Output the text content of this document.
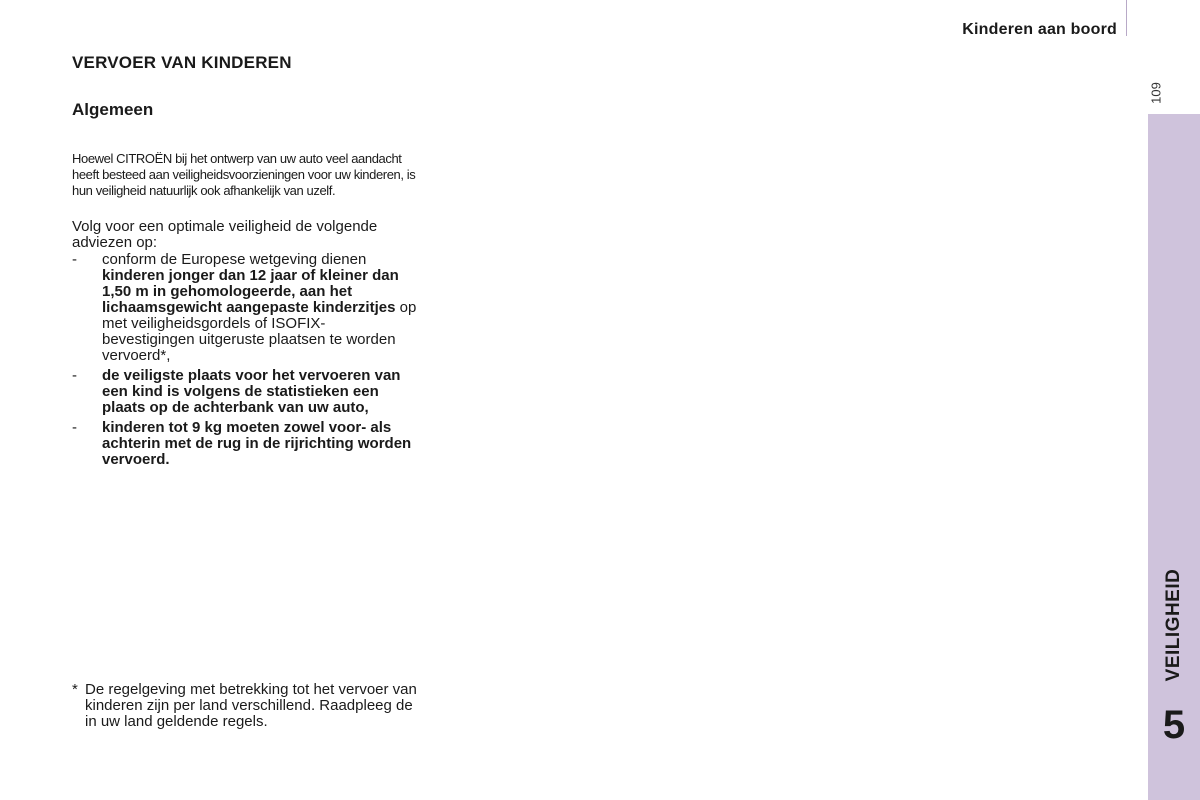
Kinderen aan boord
109
VEILIGHEID
5
VERVOER VAN KINDEREN
Algemeen

Hoewel CITROËN bij het ontwerp van uw auto veel aandacht heeft besteed aan veiligheidsvoorzieningen voor uw kinderen, is hun veiligheid natuurlijk ook afhankelijk van uzelf.

Volg voor een optimale veiligheid de volgende adviezen op:

- conform de Europese wetgeving dienen kinderen jonger dan 12 jaar of kleiner dan 1,50 m in gehomologeerde, aan het lichaamsgewicht aangepaste kinderzitjes op met veiligheidsgordels of ISOFIX-bevestigingen uitgeruste plaatsen te worden vervoerd*,
- de veiligste plaats voor het vervoeren van een kind is volgens de statistieken een plaats op de achterbank van uw auto,
- kinderen tot 9 kg moeten zowel voor- als achterin met de rug in de rijrichting worden vervoerd.
* De regelgeving met betrekking tot het vervoer van kinderen zijn per land verschillend. Raadpleeg de in uw land geldende regels.
